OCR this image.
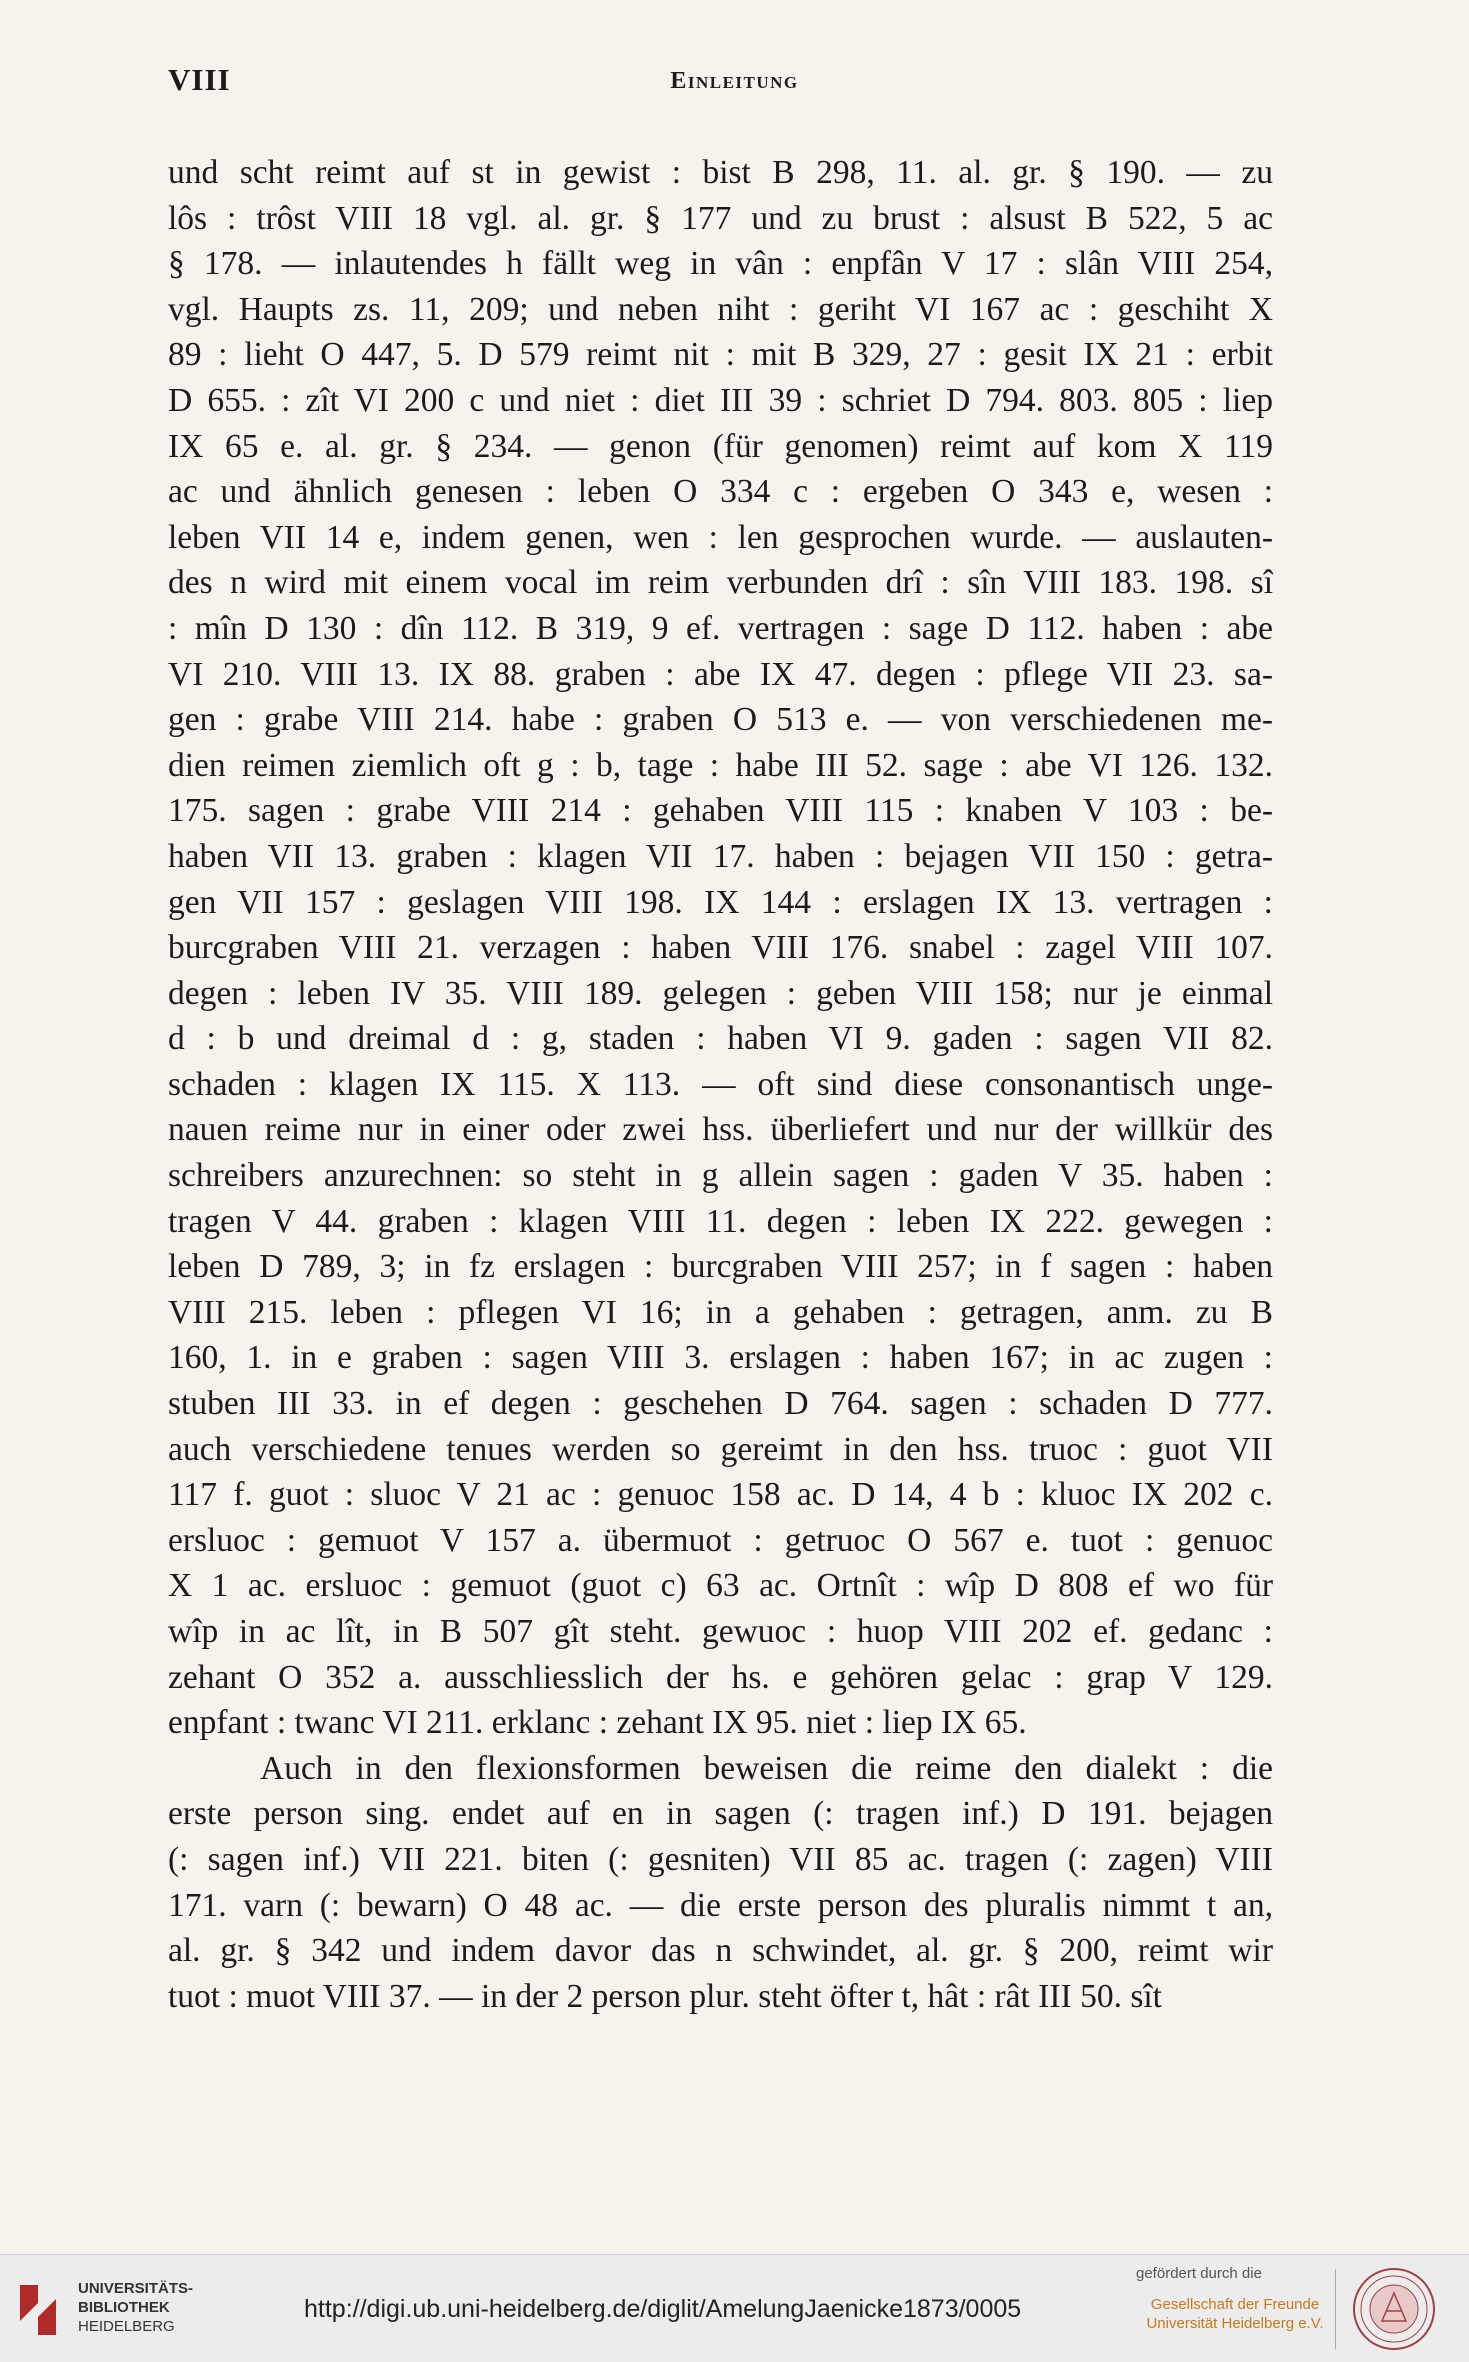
VIII	Einleitung
und scht reimt auf st in gewist : bist B 298, 11. al. gr. § 190. — zu
lôs : trôst VIII 18 vgl. al. gr. § 177 und zu brust : alsust B 522, 5 ac
§ 178. — inlautendes h fällt weg in vân : enpfân V 17 : slân VIII 254,
vgl. Haupts zs. 11, 209; und neben niht : geriht VI 167 ac : geschiht X
89 : lieht O 447, 5. D 579 reimt nit : mit B 329, 27 : gesit IX 21 : erbit
D 655. : zît VI 200 c und niet : diet III 39 : schriet D 794. 803. 805 : liep
IX 65 e. al. gr. § 234. — genon (für genomen) reimt auf kom X 119
ac und ähnlich genesen : leben O 334 c : ergeben O 343 e, wesen :
leben VII 14 e, indem genen, wen : len gesprochen wurde. — auslauten-
des n wird mit einem vocal im reim verbunden drî : sîn VIII 183. 198. sî
: mîn D 130 : dîn 112. B 319, 9 ef. vertragen : sage D 112. haben : abe
VI 210. VIII 13. IX 88. graben : abe IX 47. degen : pflege VII 23. sa-
gen : grabe VIII 214. habe : graben O 513 e. — von verschiedenen me-
dien reimen ziemlich oft g : b, tage : habe III 52. sage : abe VI 126. 132.
175. sagen : grabe VIII 214 : gehaben VIII 115 : knaben V 103 : be-
haben VII 13. graben : klagen VII 17. haben : bejagen VII 150 : getra-
gen VII 157 : geslagen VIII 198. IX 144 : erslagen IX 13. vertragen :
burcgraben VIII 21. verzagen : haben VIII 176. snabel : zagel VIII 107.
degen : leben IV 35. VIII 189. gelegen : geben VIII 158; nur je einmal
d : b und dreimal d : g, staden : haben VI 9. gaden : sagen VII 82.
schaden : klagen IX 115. X 113. — oft sind diese consonantisch unge-
nauen reime nur in einer oder zwei hss. überliefert und nur der willkür des
schreibers anzurechnen: so steht in g allein sagen : gaden V 35. haben :
tragen V 44. graben : klagen VIII 11. degen : leben IX 222. gewegen :
leben D 789, 3; in fz erslagen : burcgraben VIII 257; in f sagen : haben
VIII 215. leben : pflegen VI 16; in a gehaben : getragen, anm. zu B
160, 1. in e graben : sagen VIII 3. erslagen : haben 167; in ac zugen :
stuben III 33. in ef degen : geschehen D 764. sagen : schaden D 777.
auch verschiedene tenues werden so gereimt in den hss. truoc : guot VII
117 f. guot : sluoc V 21 ac : genuoc 158 ac. D 14, 4 b : kluoc IX 202 c.
ersluoc : gemuot V 157 a. übermuot : getruoc O 567 e. tuot : genuoc
X 1 ac. ersluoc : gemuot (guot c) 63 ac. Ortnît : wîp D 808 ef wo für
wîp in ac lît, in B 507 gît steht. gewuoc : huop VIII 202 ef. gedanc :
zehant O 352 a. ausschliesslich der hs. e gehören gelac : grap V 129.
enpfant : twanc VI 211. erklanc : zehant IX 95. niet : liep IX 65.
Auch in den flexionsformen beweisen die reime den dialekt : die
erste person sing. endet auf en in sagen (: tragen inf.) D 191. bejagen
(: sagen inf.) VII 221. biten (: gesniten) VII 85 ac. tragen (: zagen) VIII
171. varn (: bewarn) O 48 ac. — die erste person des pluralis nimmt t an,
al. gr. § 342 und indem davor das n schwindet, al. gr. § 200, reimt wir
tuot : muot VIII 37. — in der 2 person plur. steht öfter t, hât : rât III 50. sît
UNIVERSITÄTS-
BIBLIOTHEK
HEIDELBERG
http://digi.ub.uni-heidelberg.de/diglit/AmelungJaenicke1873/0005
gefördert durch die
Gesellschaft der Freunde
Universität Heidelberg e.V.
